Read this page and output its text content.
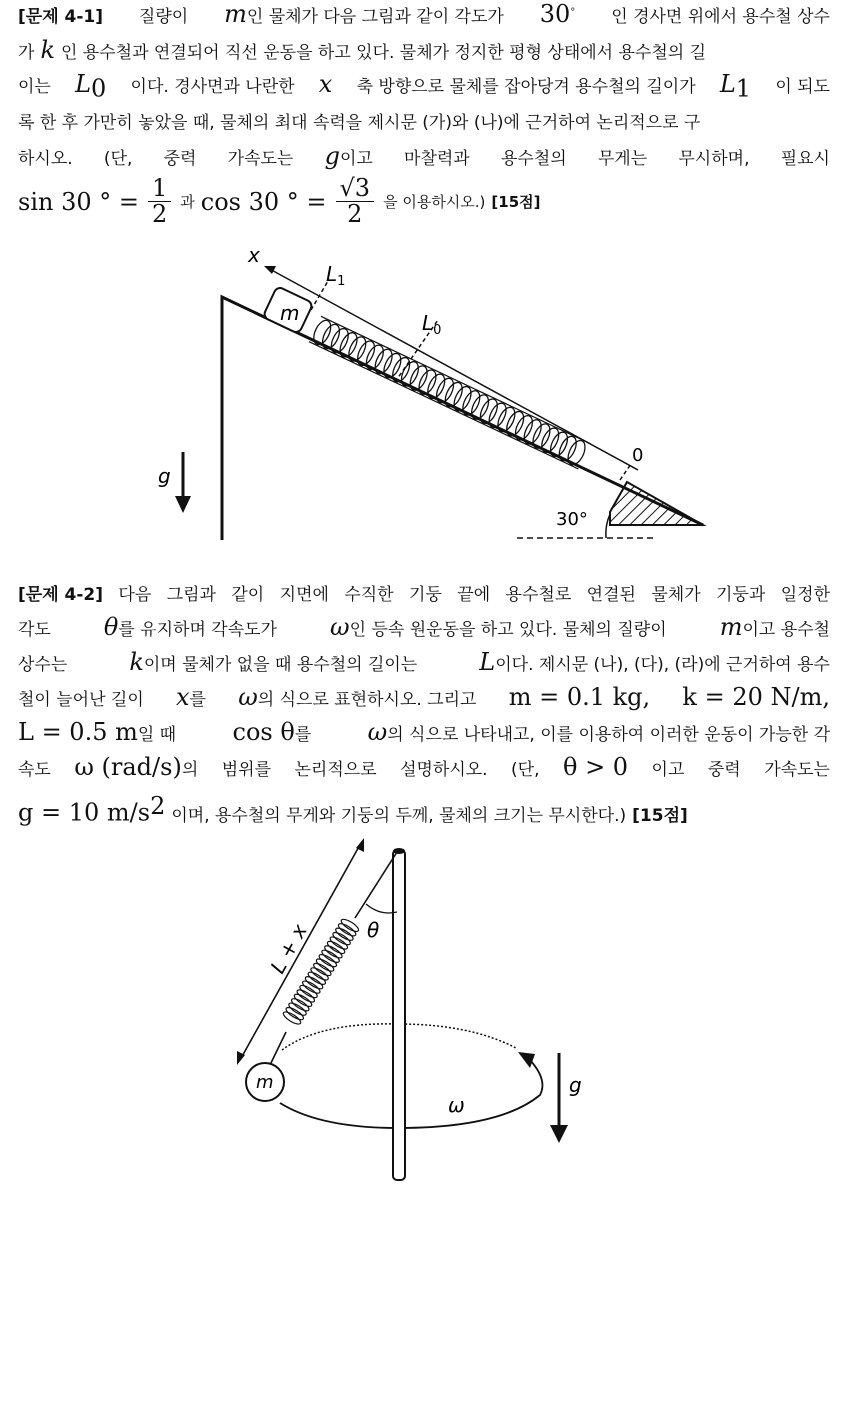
[문제 4-1] 질량이 m인 물체가 다음 그림과 같이 각도가 30° 인 경사면 위에서 용수철 상수
가 k 인 용수철과 연결되어 직선 운동을 하고 있다. 물체가 정지한 평형 상태에서 용수철의 길
이는 $L_0$ 이다. 경사면과 나란한 x 축 방향으로 물체를 잡아당겨 용수철의 길이가 $L_1$ 이 되도
록 한 후 가만히 놓았을 때, 물체의 최대 속력을 제시문 (가)와 (나)에 근거하여 논리적으로 구
하시오. (단, 중력 가속도는 g이고 마찰력과 용수철의 무게는 무시하며, 필요시
sin 30 ° = $\frac{1}{2}$ 과 cos 30 ° = $\frac{√3}{2}$ 을 이용하시오.) [15점]
x
m
$L_1$
$L_0$
0
g
30°
[문제 4-2] 다음 그림과 같이 지면에 수직한 기둥 끝에 용수철로 연결된 물체가 기둥과 일정한
각도 θ를 유지하며 각속도가 ω인 등속 원운동을 하고 있다. 물체의 질량이 m이고 용수철
상수는	k이며 물체가 없을 때 용수철의 길이는	L이다. 제시문 (나), (다), (라)에 근거하여 용수
철이 늘어난 길이 x를 ω의 식으로 표현하시오. 그리고 m = 0.1 kg, k = 20 N/m,
L = 0.5 m일 때 cos θ를 ω의 식으로 나타내고, 이를 이용하여 이러한 운동이 가능한 각
속도 ω (rad/s)의 범위를 논리적으로 설명하시오. (단, θ > 0 이고 중력 가속도는
g = 10 $m/s^2$ 이며, 용수철의 무게와 기둥의 두께, 물체의 크기는 무시한다.) [15점]
ω
θ
L + x
m	g
